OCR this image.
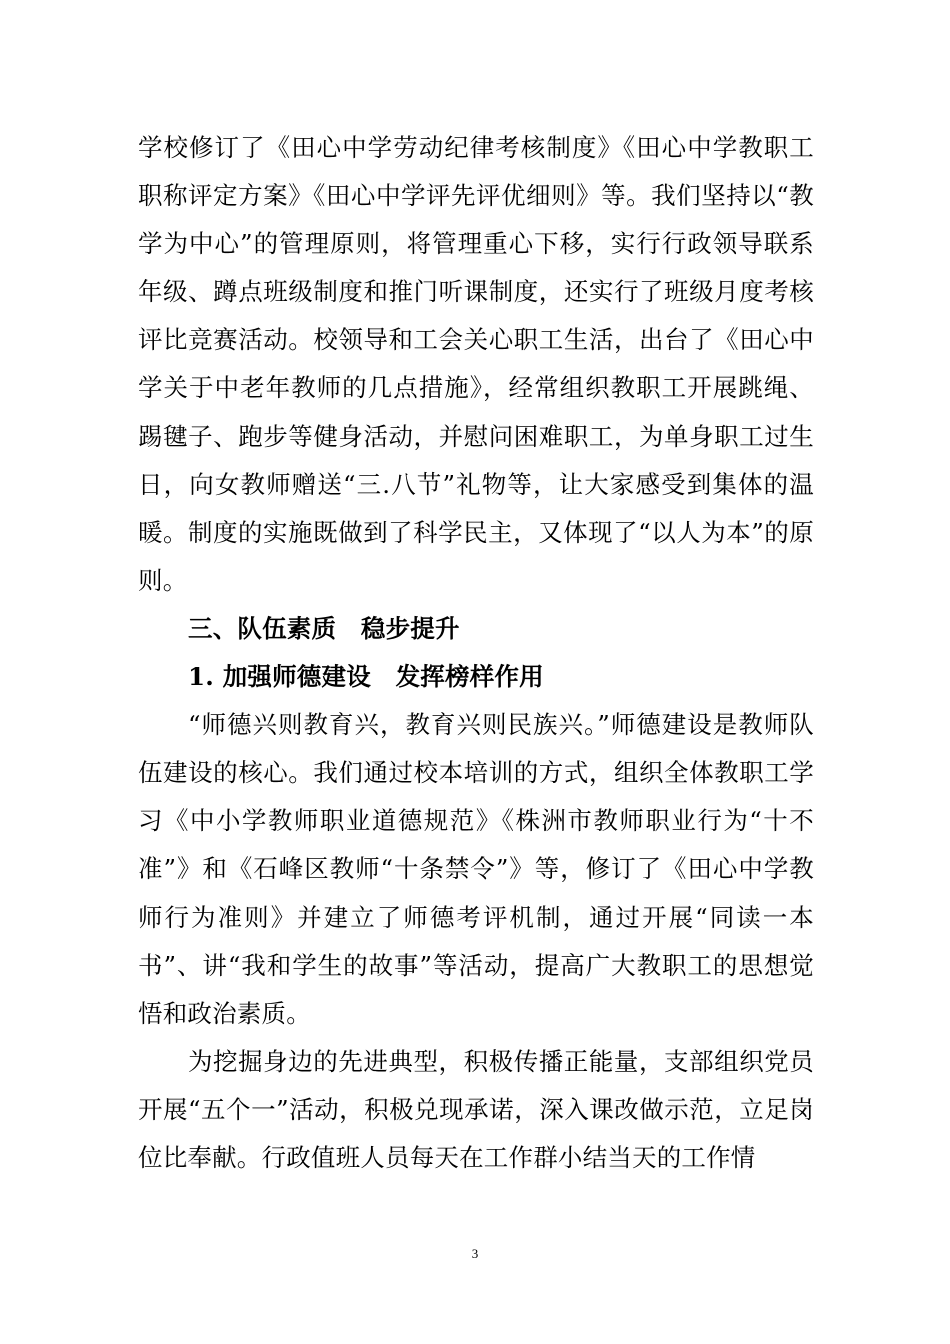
学校修订了《田心中学劳动纪律考核制度》《田心中学教职工职称评定方案》《田心中学评先评优细则》等。我们坚持以“教学为中心”的管理原则，将管理重心下移，实行行政领导联系年级、蹲点班级制度和推门听课制度，还实行了班级月度考核评比竞赛活动。校领导和工会关心职工生活，出台了《田心中学关于中老年教师的几点措施》，经常组织教职工开展跳绳、踢毽子、跑步等健身活动，并慰问困难职工，为单身职工过生日，向女教师赠送“三.八节”礼物等，让大家感受到集体的温暖。制度的实施既做到了科学民主，又体现了“以人为本”的原则。

三、队伍素质　稳步提升

1. 加强师德建设　发挥榜样作用

“师德兴则教育兴，教育兴则民族兴。”师德建设是教师队伍建设的核心。我们通过校本培训的方式，组织全体教职工学习《中小学教师职业道德规范》《株洲市教师职业行为“十不准”》和《石峰区教师“十条禁令”》等，修订了《田心中学教师行为准则》并建立了师德考评机制，通过开展“同读一本书”、讲“我和学生的故事”等活动，提高广大教职工的思想觉悟和政治素质。

为挖掘身边的先进典型，积极传播正能量，支部组织党员开展“五个一”活动，积极兑现承诺，深入课改做示范，立足岗位比奉献。行政值班人员每天在工作群小结当天的工作情

3
